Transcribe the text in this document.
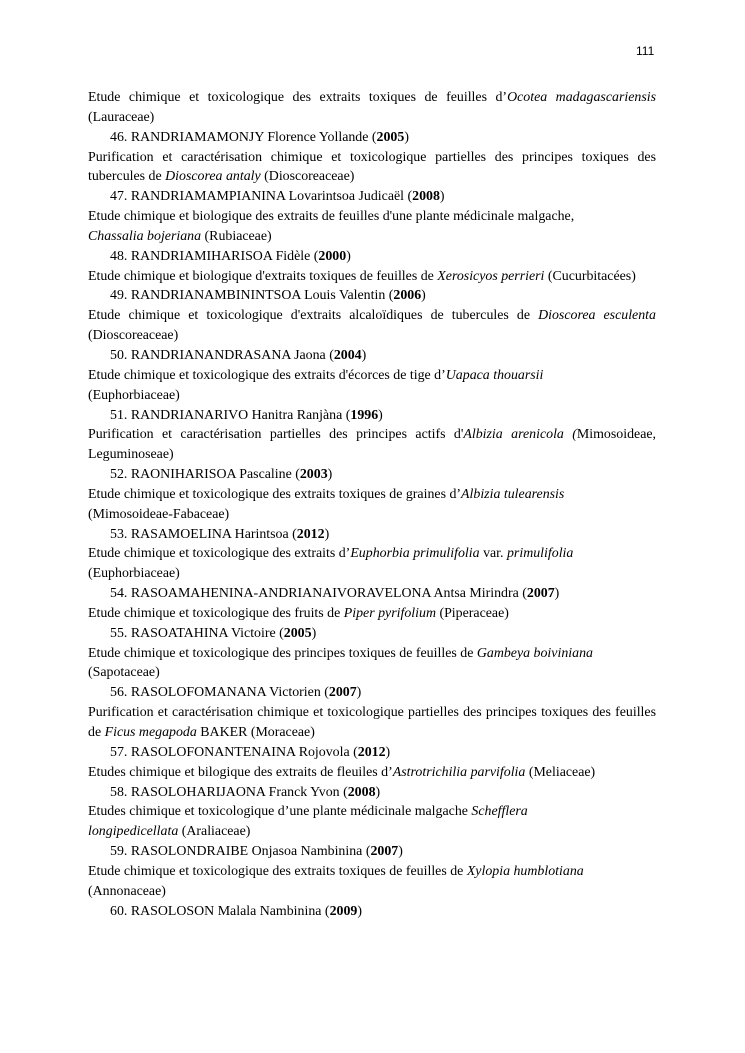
111
Etude chimique et toxicologique des extraits toxiques de feuilles d’Ocotea madagascariensis (Lauraceae)
46. RANDRIAMAMONJY Florence Yollande (2005)
Purification et caractérisation chimique et toxicologique partielles des principes toxiques des tubercules de Dioscorea antaly (Dioscoreaceae)
47. RANDRIAMAMPIANINA Lovarintsoa Judicaël (2008)
Etude chimique et biologique des extraits de feuilles d'une plante médicinale malgache,
Chassalia bojeriana (Rubiaceae)
48. RANDRIAMIHARISOA Fidèle (2000)
Etude chimique et biologique d'extraits toxiques de feuilles de Xerosicyos perrieri (Cucurbitacées)
49. RANDRIANAMBININTSOA Louis Valentin (2006)
Etude chimique et toxicologique d'extraits alcaloïdiques de tubercules de Dioscorea esculenta (Dioscoreaceae)
50. RANDRIANANDRASANA Jaona (2004)
Etude chimique et toxicologique des extraits d'écorces de tige d’Uapaca thouarsii
(Euphorbiaceae)
51. RANDRIANARIVO Hanitra Ranjàna (1996)
Purification et caractérisation partielles des principes actifs d'Albizia arenicola (Mimosoideae, Leguminoseae)
52. RAONIHARISOA Pascaline (2003)
Etude chimique et toxicologique des extraits toxiques de graines d’Albizia tulearensis
(Mimosoideae-Fabaceae)
53. RASAMOELINA Harintsoa (2012)
Etude chimique et toxicologique des extraits d’Euphorbia primulifolia var. primulifolia
(Euphorbiaceae)
54. RASOAMAHENINA-ANDRIANAIVORAVELONA Antsa Mirindra (2007)
Etude chimique et toxicologique des fruits de Piper pyrifolium (Piperaceae)
55. RASOATAHINA Victoire (2005)
Etude chimique et toxicologique des principes toxiques de feuilles de Gambeya boiviniana
(Sapotaceae)
56. RASOLOFOMANANA Victorien (2007)
Purification et caractérisation chimique et toxicologique partielles des principes toxiques des feuilles de Ficus megapoda BAKER (Moraceae)
57. RASOLOFONANTENAINA Rojovola (2012)
Etudes chimique et bilogique des extraits de fleuiles d’Astrotrichilia parvifolia (Meliaceae)
58. RASOLOHARIJAONA Franck Yvon (2008)
Etudes chimique et toxicologique d’une plante médicinale malgache Schefflera
longipedicellata (Araliaceae)
59. RASOLONDRAIBE Onjasoa Nambinina (2007)
Etude chimique et toxicologique des extraits toxiques de feuilles de Xylopia humblotiana
(Annonaceae)
60. RASOLOSON Malala Nambinina (2009)
